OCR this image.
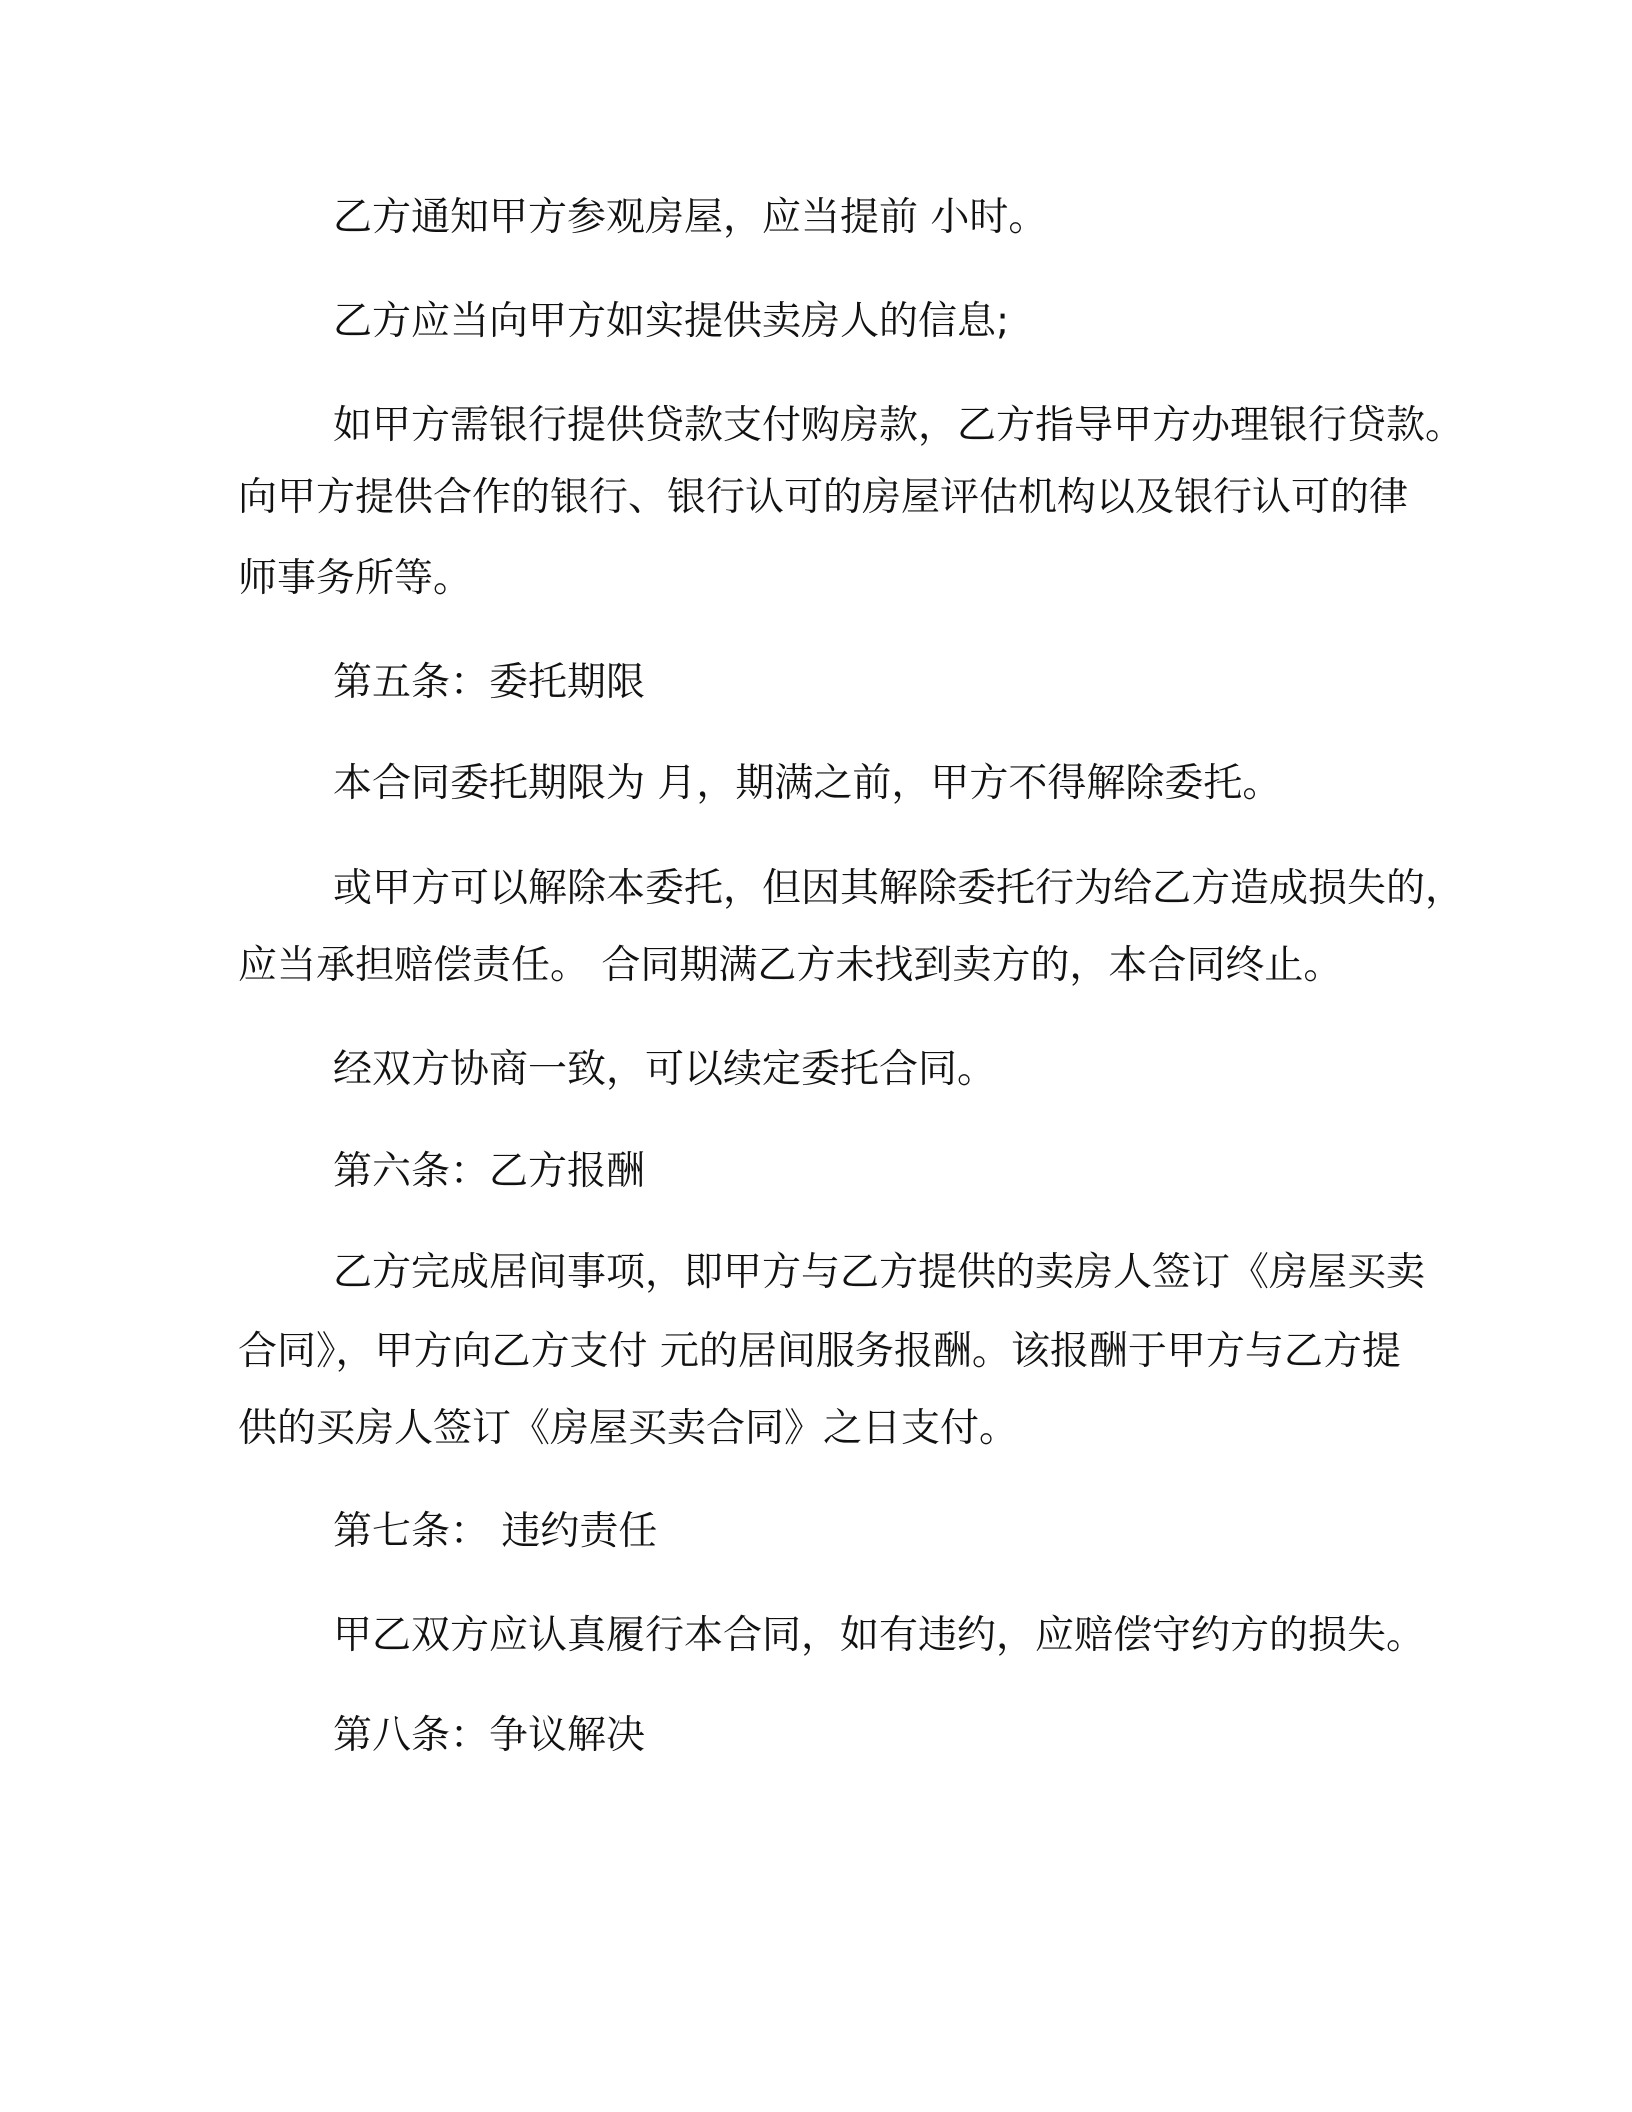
乙方通知甲方参观房屋，应当提前 小时。
乙方应当向甲方如实提供卖房人的信息;
如甲方需银行提供贷款支付购房款，乙方指导甲方办理银行贷款。
向甲方提供合作的银行、银行认可的房屋评估机构以及银行认可的律
师事务所等。
第五条：委托期限
本合同委托期限为 月，期满之前，甲方不得解除委托。
或甲方可以解除本委托，但因其解除委托行为给乙方造成损失的，
应当承担赔偿责任。 合同期满乙方未找到卖方的，本合同终止。
经双方协商一致，可以续定委托合同。
第六条：乙方报酬
乙方完成居间事项，即甲方与乙方提供的卖房人签订《房屋买卖
合同》，甲方向乙方支付 元的居间服务报酬。该报酬于甲方与乙方提
供的买房人签订《房屋买卖合同》之日支付。
第七条： 违约责任
甲乙双方应认真履行本合同，如有违约，应赔偿守约方的损失。
第八条：争议解决
